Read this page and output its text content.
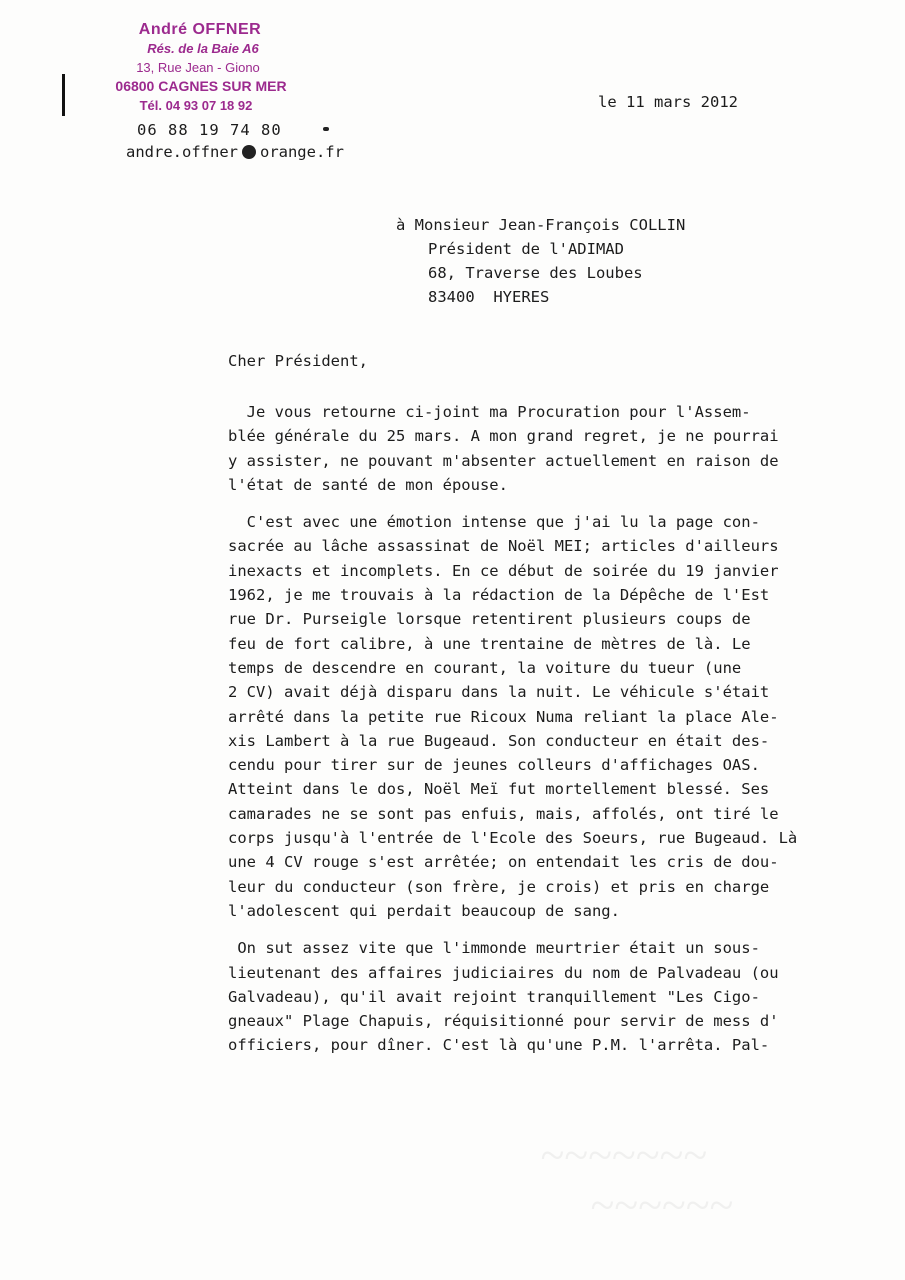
~~~~~~~
~~~~~~
André OFFNER
Rés. de la Baie A6
13, Rue Jean - Giono
06800 CAGNES SUR MER
Tél. 04 93 07 18 92
06 88 19 74 80
andre.offner orange.fr
le 11 mars 2012
à Monsieur Jean-François COLLIN
Président de l'ADIMAD
68, Traverse des Loubes
83400  HYERES
Cher Président,
Je vous retourne ci-joint ma Procuration pour l'Assem-
blée générale du 25 mars. A mon grand regret, je ne pourrai
y assister, ne pouvant m'absenter actuellement en raison de
l'état de santé de mon épouse.
C'est avec une émotion intense que j'ai lu la page con-
sacrée au lâche assassinat de Noël MEI; articles d'ailleurs
inexacts et incomplets. En ce début de soirée du 19 janvier
1962, je me trouvais à la rédaction de la Dépêche de l'Est
rue Dr. Purseigle lorsque retentirent plusieurs coups de
feu de fort calibre, à une trentaine de mètres de là. Le
temps de descendre en courant, la voiture du tueur (une
2 CV) avait déjà disparu dans la nuit. Le véhicule s'était
arrêté dans la petite rue Ricoux Numa reliant la place Ale-
xis Lambert à la rue Bugeaud. Son conducteur en était des-
cendu pour tirer sur de jeunes colleurs d'affichages OAS.
Atteint dans le dos, Noël Meï fut mortellement blessé. Ses
camarades ne se sont pas enfuis, mais, affolés, ont tiré le
corps jusqu'à l'entrée de l'Ecole des Soeurs, rue Bugeaud. Là
une 4 CV rouge s'est arrêtée; on entendait les cris de dou-
leur du conducteur (son frère, je crois) et pris en charge
l'adolescent qui perdait beaucoup de sang.
On sut assez vite que l'immonde meurtrier était un sous-
lieutenant des affaires judiciaires du nom de Palvadeau (ou
Galvadeau), qu'il avait rejoint tranquillement "Les Cigo-
gneaux" Plage Chapuis, réquisitionné pour servir de mess d'
officiers, pour dîner. C'est là qu'une P.M. l'arrêta. Pal-
